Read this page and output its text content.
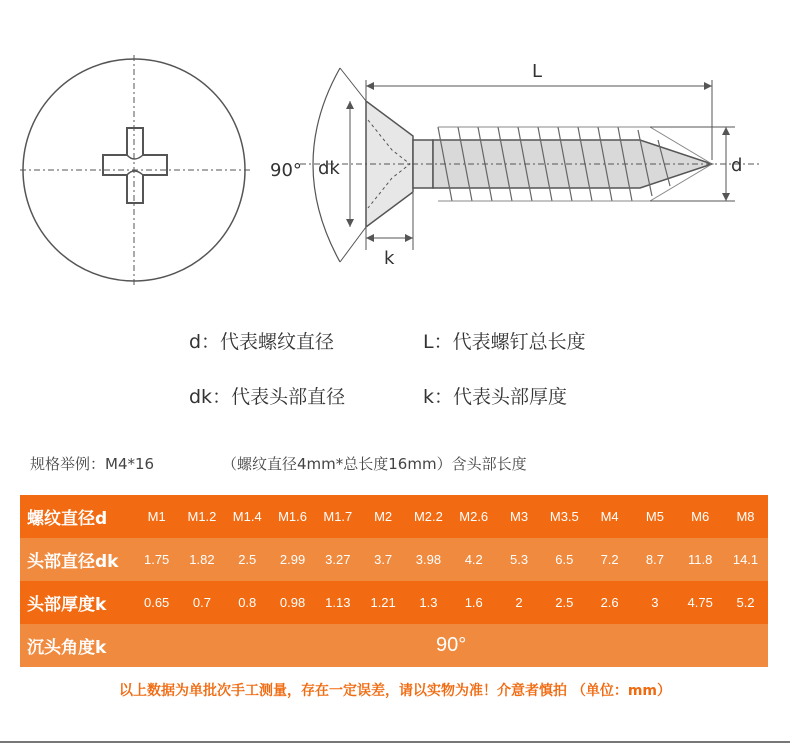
L
90° dk	d
k
d：代表螺纹直径	L：代表螺钉总长度
dk：代表头部直径	k：代表头部厚度
规格举例：M4*16	（螺纹直径4mm*总长度16mm）含头部长度
螺纹直径d	M1	M1.2	M1.4	M1.6	M1.7	M2	M2.2	M2.6	M3	M3.5	M4	M5	M6	M8
头部直径dk	1.75	1.82	2.5	2.99	3.27	3.7	3.98	4.2	5.3	6.5	7.2	8.7	11.8	14.1
头部厚度k	0.65	0.7	0.8	0.98	1.13	1.21	1.3	1.6	2	2.5	2.6	3	4.75	5.2
沉头角度k	90°													
以上数据为单批次手工测量，存在一定误差，请以实物为准！介意者慎拍 （单位：mm）
